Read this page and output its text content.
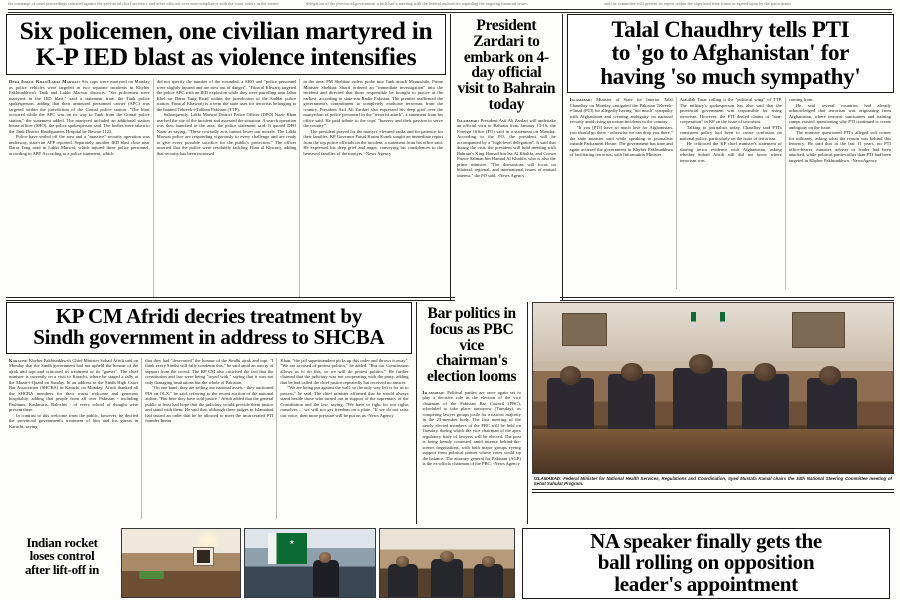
the contempt of court proceedings initiated against the provincial chief secretary and other officials over non-compliance with the court orders in the matter	delegation of the provincial government which had a meeting with the federal authorities regarding the ongoing financial issues	and the committee will present its report within the stipulated time frame as agreed upon by the participants
Six policemen, one civilian martyred in
K-P IED blast as violence intensifies

Dera Ismail Khan/Lakki Marwat: Six cops were martyred on Monday as police vehicles were targeted in two separate incidents in Khyber Pakhtunkhwa's Tank and Lakki Marwat districts. "Six policemen were martyred in the IED blast," said a statement from the Tank police spokesperson, adding that their armoured personnel carrier (APC) was targeted within the jurisdiction of the Gomal police station. "The blast occurred while the APC was on its way to Tank from the Gomal police station," the statement added. The martyred included an additional station house officer (SHO), the police spokesperson said. The bodies were taken to the Tank District Headquarters Hospital by Rescue 1122.

Police have sealed off the area and a "massive" security operation was underway, state-run APP reported. Separately, another IED blast close near Darra Tang road in Lakki Marwat, which injured three police personnel, according to APP. According to a police statement, which

did not specify the number of the wounded, a SHO and "police personnel were slightly injured and are now out of danger". "Fitna al Khwarij targeted the police APC with an IED explosion while they were patrolling near Jabar Khel on Darra Tang Road within the jurisdiction of the Saddar police station. Fitna al Khawarij is a term the state uses for terrorists belonging to the banned Tehreek-i-Taliban Pakistan (TTP).

Subsequently, Lakki Marwat District Police Officer (DPO) Nazir Khan reached the site of the incident and assessed the situation. A search operation was then launched in the area, the police statement said. It quoted DPO Nazir as saying, "These cowardly acts cannot lower our morale. The Lakki Marwat police are responding vigorously to every challenge and are ready to give every possible sacrifice for the public's protection." The officer asserted that the police were resolutely tackling Fitna al Khwarij, adding that security has been increased

in the area. PM Shehbaz orders probe into Tank attack Meanwhile, Prime Minister Shehbaz Sharif ordered an "immediate investigation" into the incident and directed that those responsible be brought to justice at the earliest, according to state-run Radio Pakistan. The premier reaffirmed the government's commitment to completely eradicate terrorism from the country. President Asif Ali Zardari also expressed his deep grief over the martyrdom of police personnel in the "terrorist attack", a statement from his office said. He paid tribute to the cops' "bravery and their passion to serve the country".

The president prayed for the martyrs' elevated ranks and for patience for their families. KP Governor Faisal Karim Kundi sought an immediate report from the top police officials on the incident, a statement from his office said. He expressed his deep grief and anger, conveying his condolences to the bereaved families of the martyrs. -News Agency

President Zardari to embark on 4-day official visit to Bahrain today

Islamabad: President Asif Ali Zardari will undertake an official visit to Bahrain from January 13-16, the Foreign Office (FO) said in a statement on Monday. According to the FO, the president will be accompanied by a "high-level delegation". It said that during the visit, the president will hold meeting with Bahrain's King Hamad bin Isa Al Khalifa, and Crown Prince Salman bin Hamad Al Khalifa, who is also the prime minister. "The discussions will focus on bilateral, regional, and international issues of mutual interest," the FO said. -News Agency

Talal Chaudhry tells PTI
to 'go to Afghanistan' for
having 'so much sympathy'

Islamabad: Minister of State for Interior Talal Chaudhry on Monday castigated the Pakistan Tehreek-e-Insaf (PTI) for allegedly having "too much" sympathy with Afghanistan and creating ambiguity on national security amid rising terrorism incidents in the country.

"If you [PTI] have so much love for Afghanistan, you should go there - otherwise we can drop you there," the state minister said while speaking to journalists outside Parliament House. The government has time and again accused the government in Khyber Pakhtunkhwa of facilitating terrorists, with Information Minister

Ataullah Tarar calling it the "political wing" of TTP. The military's spokesperson has also said that the provincial government was responsible for rising terrorism. However, the PTI denied claims of "non-cooperation" in KP on the issue of terrorism.

Talking to journalists today, Chaudhry said PTI's consistent policy had been to create confusion on national policy, particularly on the issue of terrorism.

He criticised the KP chief minister's statement of sharing terror evidence with Afghanistan, asking whether Sohail Afridi still did not know where terrorism was

coming from.

He said several countries had already acknowledged that terrorism was originating from Afghanistan, where terrorist sanctuaries and training camps existed, questioning why PTI continued to create ambiguity on the issue.

The minister questioned PTI's alleged soft corner for militants, asking what the reason was behind this leniency. He said that in the last 11 years, no PTI office-bearer, minister, adviser or leader had been attacked, while political parties other than PTI had been targeted in Khyber Pakhtunkhwa. -NewsAgency

KP CM Afridi decries treatment by
Sindh government in address to SHCBA

Karachi: Khyber Pakhtunkhwa's Chief Minister Sohail Afridi said on Monday that the Sindh government had not upheld the honour of the ajrak and topi and criticised its treatment of its "guests". The chief minister is currently on a visit to Karachi, where he staged a rally at the Mazar-i-Quaid on Sunday. In an address to the Sindh High Court Bar Association (SHCBA) in Karachi on Monday, Afridi thanked all the SHCBA members for their warm welcome and generous hospitality, adding that people from all over Pakistan - including Pashtuns, Kashmiris, Balochis - of every school of thought were present there.

In contrast to this welcome from the public, however, he decried the provincial government's treatment of him and his guests in Karachi, saying

that they had "desecrated" the honour of the Sindhi ajrak and topi. "I think every Sindhi will fully condemn this," he said amid an outcry of support from the crowd. The KP CM also criticised the fact that the constitution and law were being "toyed with," saying that it was not only damaging institutions but the whole of Pakistan.

"On one hand, they are selling our national assets - they auctioned PIA on OLX," he said, referring to the recent auction of the national airline. "But here they have sold justice." Afridi added that the general public at least had hope that the judiciary would provide them justice and stand with them. He said that, although three judges in Islamabad had issued an order that he be allowed to meet the incarcerated PTI founder Imran

Khan, "the jail superintendent picks up this order and throws it away". "We are accused of protest politics," he added. "But our Constitution allows us to do this, so we will do protest politics." He further claimed that the judiciary was not cooperating with the party, adding that he had called the chief justice repeatedly but received no answer.

"We are being put against the wall, so the only way left is for us to protest," he said. The chief minister affirmed that he would always stand beside those who turned out in support of the supremacy of the Constitution and the law, saying, "We have to fight for our rights ourselves ... we will not get freedom on a plate. "If we do not raise our voice, then more pressure will be put on us.-News Agency

Bar politics in focus as PBC vice chairman's election looms

Islamabad: Political parties are once again set to play a decisive role in the election of the vice chairman of the Pakistan Bar Council (PBC), scheduled to take place tomorrow (Tuesday), as competing lawyer groups jostle for a narrow majority in the 23-member body. The first meeting of the newly elected members of the PBC will be held on Tuesday, during which the vice chairman of the apex regulatory body of lawyers will be elected. The post is being keenly contested amid intense behind-the-scenes negotiations, with both major groups eyeing support from political parties whose votes could tip the balance. The attorney general for Pakistan (AGP) is the ex-officio chairman of the PBC. -News Agency

ISLAMABAD: Federal Minister for National Health Services, Regulations and Coordination, Syed Mustafa Kamal chairs the 34th National Steering Committee meeting of Sehat Sahulat Program.
Indian rocket
loses control
after lift-off in
★	NA speaker finally gets the
ball rolling on opposition
leader's appointment
